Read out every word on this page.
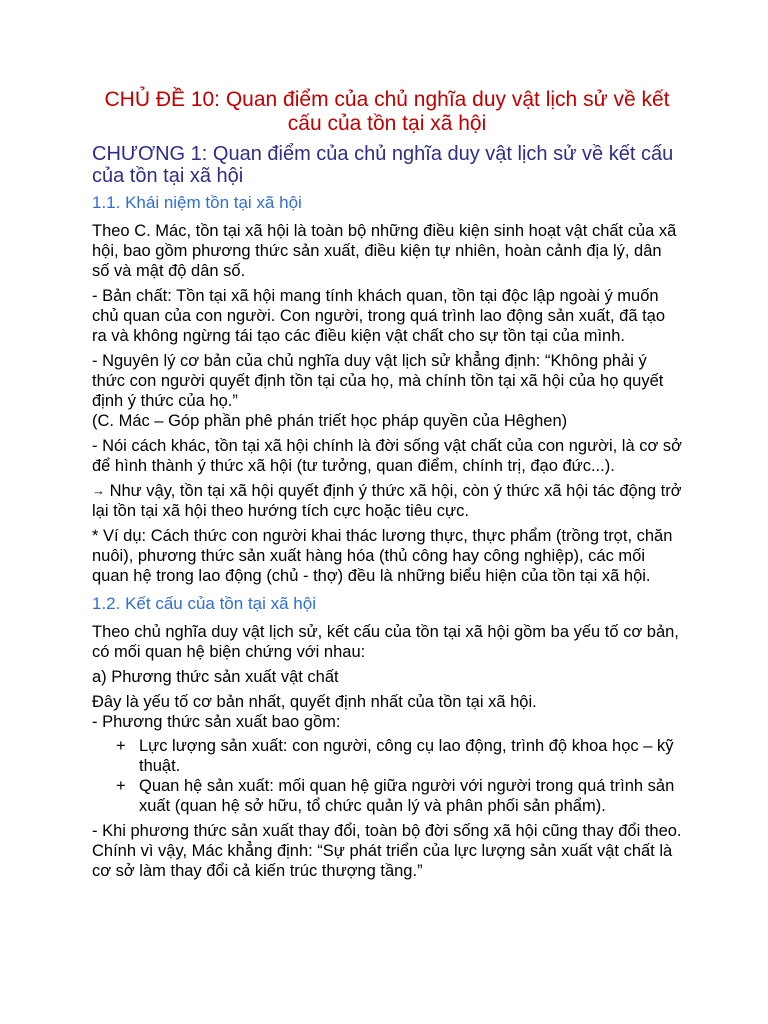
CHỦ ĐỀ 10: Quan điểm của chủ nghĩa duy vật lịch sử về kết cấu của tồn tại xã hội
CHƯƠNG 1: Quan điểm của chủ nghĩa duy vật lịch sử về kết cấu của tồn tại xã hội
1.1. Khái niệm tồn tại xã hội

Theo C. Mác, tồn tại xã hội là toàn bộ những điều kiện sinh hoạt vật chất của xã hội, bao gồm phương thức sản xuất, điều kiện tự nhiên, hoàn cảnh địa lý, dân số và mật độ dân số.

- Bản chất: Tồn tại xã hội mang tính khách quan, tồn tại độc lập ngoài ý muốn chủ quan của con người. Con người, trong quá trình lao động sản xuất, đã tạo ra và không ngừng tái tạo các điều kiện vật chất cho sự tồn tại của mình.

- Nguyên lý cơ bản của chủ nghĩa duy vật lịch sử khẳng định: “Không phải ý thức con người quyết định tồn tại của họ, mà chính tồn tại xã hội của họ quyết định ý thức của họ.”

(C. Mác – Góp phần phê phán triết học pháp quyền của Hêghen)

- Nói cách khác, tồn tại xã hội chính là đời sống vật chất của con người, là cơ sở để hình thành ý thức xã hội (tư tưởng, quan điểm, chính trị, đạo đức...).

→ Như vậy, tồn tại xã hội quyết định ý thức xã hội, còn ý thức xã hội tác động trở lại tồn tại xã hội theo hướng tích cực hoặc tiêu cực.

* Ví dụ: Cách thức con người khai thác lương thực, thực phẩm (trồng trọt, chăn nuôi), phương thức sản xuất hàng hóa (thủ công hay công nghiệp), các mối quan hệ trong lao động (chủ - thợ) đều là những biểu hiện của tồn tại xã hội.

1.2. Kết cấu của tồn tại xã hội

Theo chủ nghĩa duy vật lịch sử, kết cấu của tồn tại xã hội gồm ba yếu tố cơ bản, có mối quan hệ biện chứng với nhau:

a) Phương thức sản xuất vật chất

Đây là yếu tố cơ bản nhất, quyết định nhất của tồn tại xã hội.

- Phương thức sản xuất bao gồm:

+ Lực lượng sản xuất: con người, công cụ lao động, trình độ khoa học – kỹ thuật.
+ Quan hệ sản xuất: mối quan hệ giữa người với người trong quá trình sản xuất (quan hệ sở hữu, tổ chức quản lý và phân phối sản phẩm).

- Khi phương thức sản xuất thay đổi, toàn bộ đời sống xã hội cũng thay đổi theo. Chính vì vậy, Mác khẳng định: “Sự phát triển của lực lượng sản xuất vật chất là cơ sở làm thay đổi cả kiến trúc thượng tầng.”
